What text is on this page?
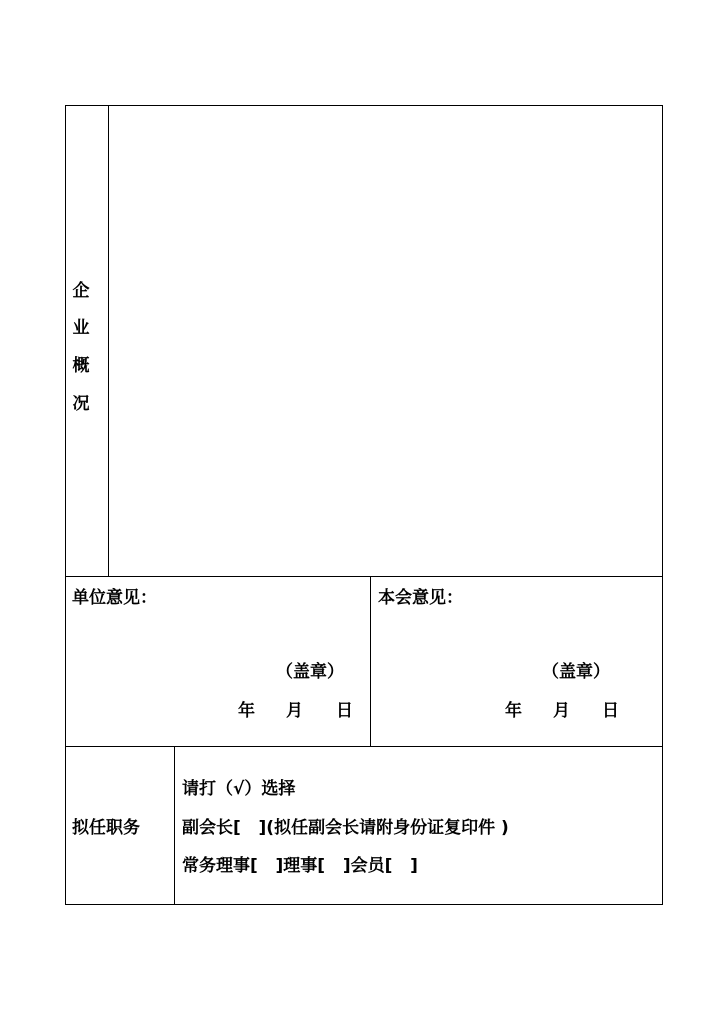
企
业
概
况
单位意见：
（盖章）
年 月 日
本会意见：
（盖章）
年 月 日
拟任职务
请打（√）选择
副会长[   ](拟任副会长请附身份证复印件 )
常务理事[   ]理事[   ]会员[   ]
